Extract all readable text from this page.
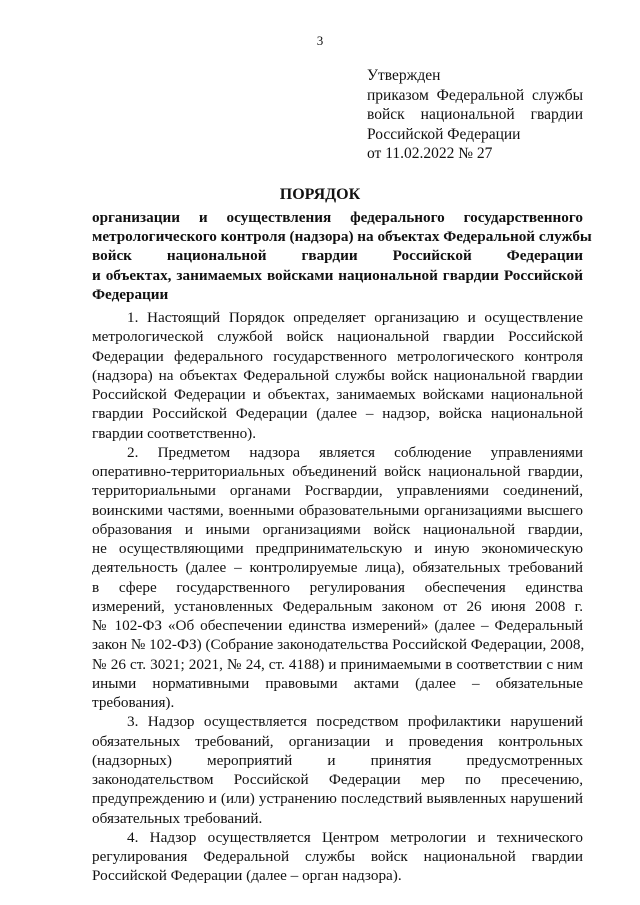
3
Утвержден
приказом Федеральной службы
войск национальной гвардии
Российской Федерации
от 11.02.2022 № 27
ПОРЯДОК
организации и осуществления федерального государственного
метрологического контроля (надзора) на объектах Федеральной службы
войск национальной гвардии Российской Федерации
и объектах, занимаемых войсками национальной гвардии Российской
Федерации
1. Настоящий Порядок определяет организацию и осуществление
метрологической службой войск национальной гвардии Российской
Федерации федерального государственного метрологического контроля
(надзора) на объектах Федеральной службы войск национальной гвардии
Российской Федерации и объектах, занимаемых войсками национальной
гвардии Российской Федерации (далее – надзор, войска национальной
гвардии соответственно).
2. Предметом надзора является соблюдение управлениями
оперативно-территориальных объединений войск национальной гвардии,
территориальными органами Росгвардии, управлениями соединений,
воинскими частями, военными образовательными организациями высшего
образования и иными организациями войск национальной гвардии,
не осуществляющими предпринимательскую и иную экономическую
деятельность (далее – контролируемые лица), обязательных требований
в сфере государственного регулирования обеспечения единства
измерений, установленных Федеральным законом от 26 июня 2008 г.
№ 102-ФЗ «Об обеспечении единства измерений» (далее – Федеральный
закон № 102-ФЗ) (Собрание законодательства Российской Федерации, 2008,
№ 26 ст. 3021; 2021, № 24, ст. 4188) и принимаемыми в соответствии с ним
иными нормативными правовыми актами (далее – обязательные
требования).
3. Надзор осуществляется посредством профилактики нарушений
обязательных требований, организации и проведения контрольных
(надзорных) мероприятий и принятия предусмотренных
законодательством Российской Федерации мер по пресечению,
предупреждению и (или) устранению последствий выявленных нарушений
обязательных требований.
4. Надзор осуществляется Центром метрологии и технического
регулирования Федеральной службы войск национальной гвардии
Российской Федерации (далее – орган надзора).
